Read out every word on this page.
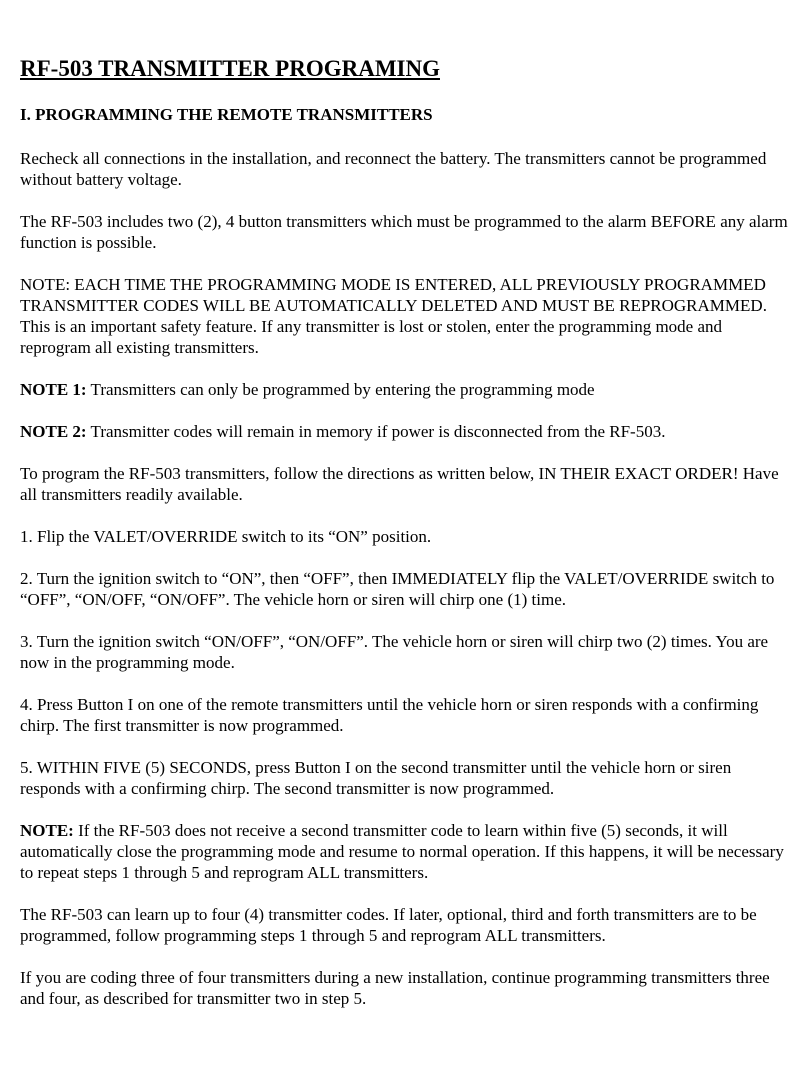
RF-503 TRANSMITTER PROGRAMING
I. PROGRAMMING THE REMOTE TRANSMITTERS

Recheck all connections in the installation, and reconnect the battery. The transmitters cannot be programmed without battery voltage.

The RF-503 includes two (2), 4 button transmitters which must be programmed to the alarm BEFORE any alarm function is possible.

NOTE: EACH TIME THE PROGRAMMING MODE IS ENTERED, ALL PREVIOUSLY PROGRAMMED TRANSMITTER CODES WILL BE AUTOMATICALLY DELETED AND MUST BE REPROGRAMMED. This is an important safety feature. If any transmitter is lost or stolen, enter the programming mode and reprogram all existing transmitters.

NOTE 1: Transmitters can only be programmed by entering the programming mode

NOTE 2: Transmitter codes will remain in memory if power is disconnected from the RF-503.

To program the RF-503 transmitters, follow the directions as written below, IN THEIR EXACT ORDER! Have all transmitters readily available.

1. Flip the VALET/OVERRIDE switch to its “ON” position.

2. Turn the ignition switch to “ON”, then “OFF”, then IMMEDIATELY flip the VALET/OVERRIDE switch to “OFF”, “ON/OFF, “ON/OFF”. The vehicle horn or siren will chirp one (1) time.

3. Turn the ignition switch “ON/OFF”, “ON/OFF”. The vehicle horn or siren will chirp two (2) times. You are now in the programming mode.

4. Press Button I on one of the remote transmitters until the vehicle horn or siren responds with a confirming chirp. The first transmitter is now programmed.

5. WITHIN FIVE (5) SECONDS, press Button I on the second transmitter until the vehicle horn or siren responds with a confirming chirp. The second transmitter is now programmed.

NOTE: If the RF-503 does not receive a second transmitter code to learn within five (5) seconds, it will automatically close the programming mode and resume to normal operation. If this happens, it will be necessary to repeat steps 1 through 5 and reprogram ALL transmitters.

The RF-503 can learn up to four (4) transmitter codes. If later, optional, third and forth transmitters are to be programmed, follow programming steps 1 through 5 and reprogram ALL transmitters.

If you are coding three of four transmitters during a new installation, continue programming transmitters three and four, as described for transmitter two in step 5.
